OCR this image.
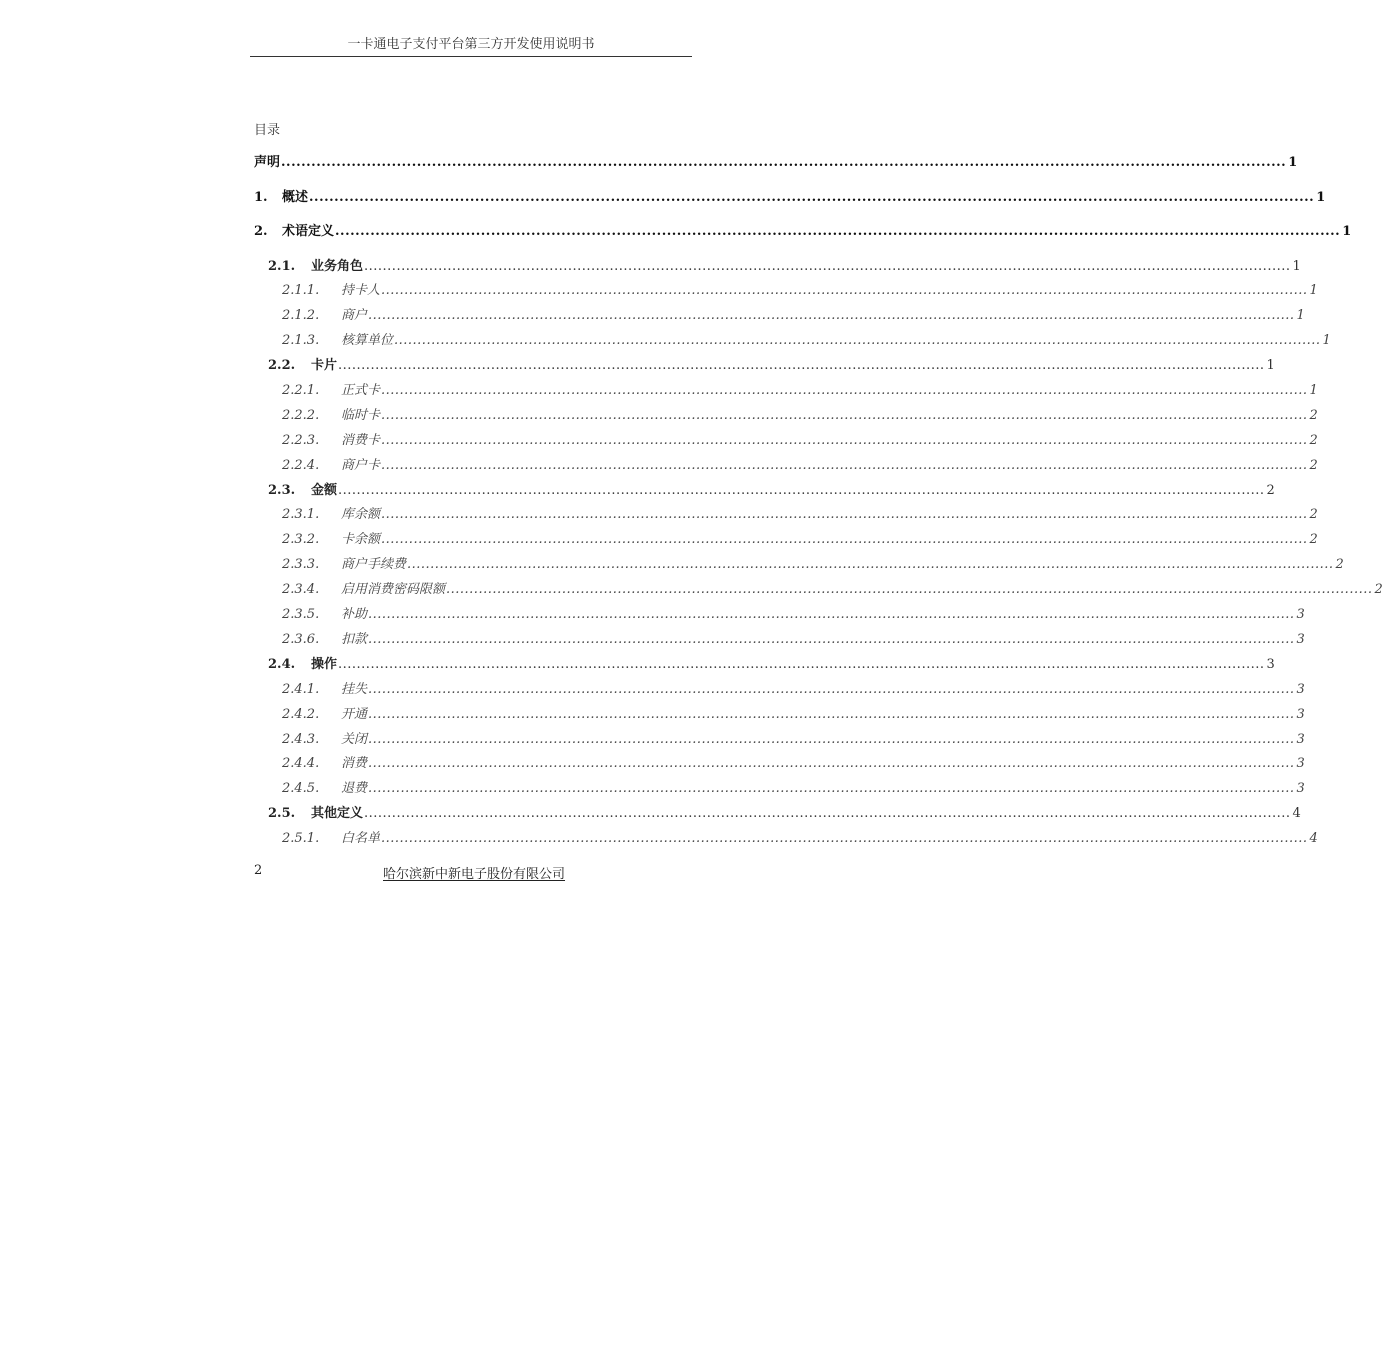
一卡通电子支付平台第三方开发使用说明书
目录
声明 ........................................................................................................................................................................................................ 1
1.	概述 ........................................................................................................................................................................................................ 1
2.	术语定义 ........................................................................................................................................................................................................ 1
2.1.	业务角色 ........................................................................................................................................................................................................ 1
2.1.1.	持卡人 ........................................................................................................................................................................................................ 1
2.1.2.	商户 ........................................................................................................................................................................................................ 1
2.1.3.	核算单位 ........................................................................................................................................................................................................ 1
2.2.	卡片 ........................................................................................................................................................................................................ 1
2.2.1.	正式卡 ........................................................................................................................................................................................................ 1
2.2.2.	临时卡 ........................................................................................................................................................................................................ 2
2.2.3.	消费卡 ........................................................................................................................................................................................................ 2
2.2.4.	商户卡 ........................................................................................................................................................................................................ 2
2.3.	金额 ........................................................................................................................................................................................................ 2
2.3.1.	库余额 ........................................................................................................................................................................................................ 2
2.3.2.	卡余额 ........................................................................................................................................................................................................ 2
2.3.3.	商户手续费 ........................................................................................................................................................................................................ 2
2.3.4.	启用消费密码限额 ........................................................................................................................................................................................................ 2
2.3.5.	补助 ........................................................................................................................................................................................................ 3
2.3.6.	扣款 ........................................................................................................................................................................................................ 3
2.4.	操作 ........................................................................................................................................................................................................ 3
2.4.1.	挂失 ........................................................................................................................................................................................................ 3
2.4.2.	开通 ........................................................................................................................................................................................................ 3
2.4.3.	关闭 ........................................................................................................................................................................................................ 3
2.4.4.	消费 ........................................................................................................................................................................................................ 3
2.4.5.	退费 ........................................................................................................................................................................................................ 3
2.5.	其他定义 ........................................................................................................................................................................................................ 4
2.5.1.	白名单 ........................................................................................................................................................................................................ 4
2	哈尔滨新中新电子股份有限公司
